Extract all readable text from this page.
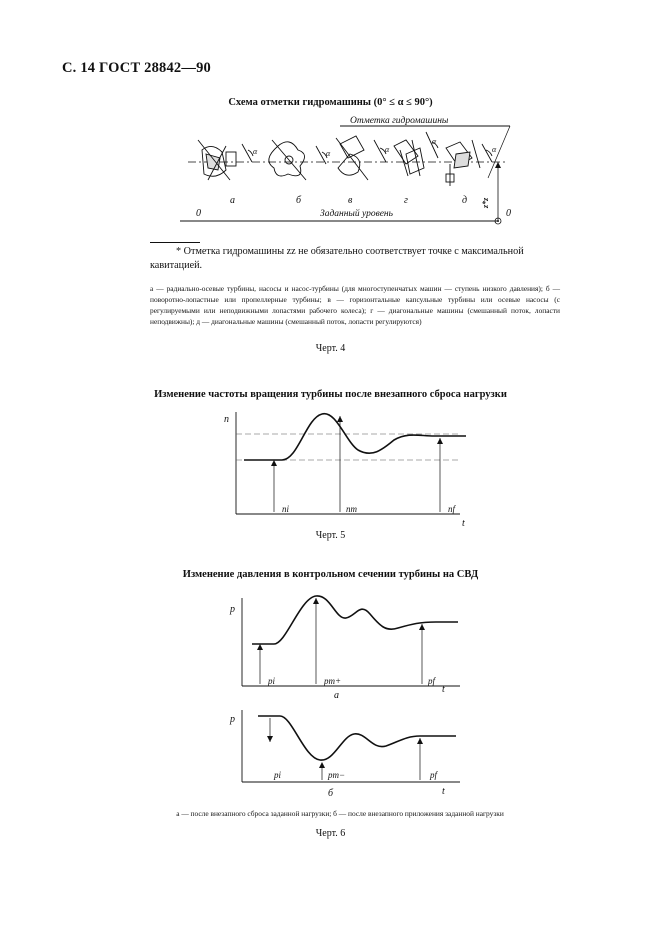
С. 14 ГОСТ 28842—90
Схема отметки гидромашины (0° ≤ α ≤ 90°)
Отметка гидромашины
α	α	α
α
α
z*z
а	б	в	г	д
0	Заданный уровень	0
* Отметка гидромашины zz не обязательно соответствует точке с максимальной кавитацией.
а — радиально-осевые турбины, насосы и насос-турбины (для многоступенчатых машин — ступень низкого давления); б — поворотно-лопастные или пропеллерные турбины; в — горизонтальные капсульные турбины или осевые насосы (с регулируемыми или неподвижными лопастями рабочего колеса); г — диагональные машины (смешанный поток, лопасти неподвижны); д — диагональные машины (смешанный поток, лопасти регулируются)
Черт. 4
Изменение частоты вращения турбины после внезапного сброса нагрузки
n
t
ni	nm	nf
Черт. 5
Изменение давления в контрольном сечении турбины на СВД
p
t
pi	pm+	pf
а
p
t
pi	pm−	pf
б
а — после внезапного сброса заданной нагрузки; б — после внезапного приложения заданной нагрузки
Черт. 6
